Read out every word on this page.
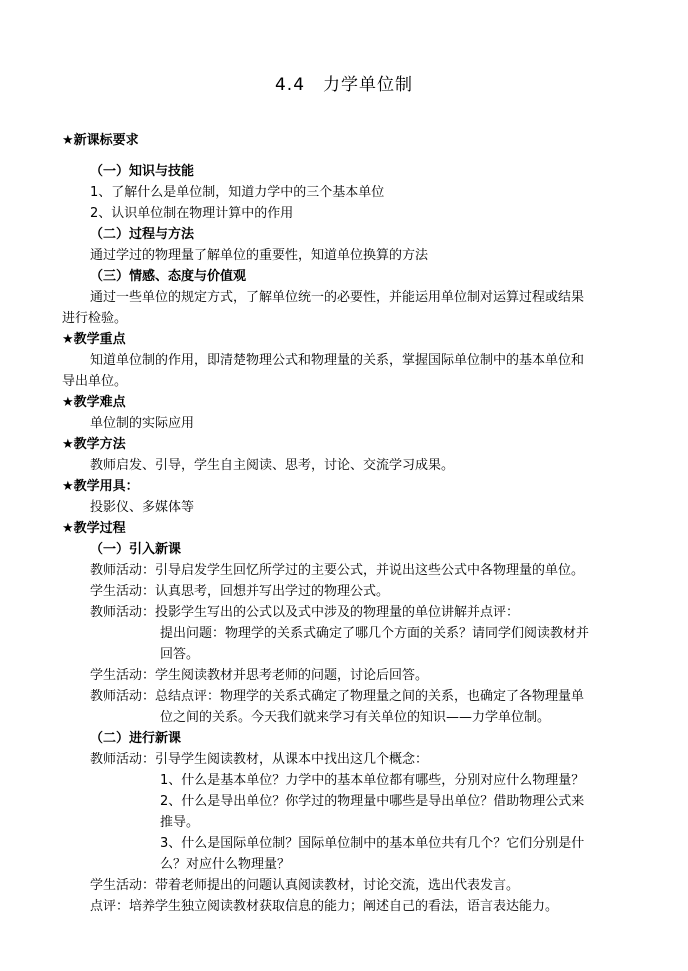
4.4　力学单位制
★新课标要求
（一）知识与技能
1、了解什么是单位制，知道力学中的三个基本单位
2、认识单位制在物理计算中的作用
（二）过程与方法
通过学过的物理量了解单位的重要性，知道单位换算的方法
（三）情感、态度与价值观
通过一些单位的规定方式，了解单位统一的必要性，并能运用单位制对运算过程或结果
进行检验。
★教学重点
知道单位制的作用，即清楚物理公式和物理量的关系，掌握国际单位制中的基本单位和
导出单位。
★教学难点
单位制的实际应用
★教学方法
教师启发、引导，学生自主阅读、思考，讨论、交流学习成果。
★教学用具：
投影仪、多媒体等
★教学过程
（一）引入新课
教师活动：引导启发学生回忆所学过的主要公式，并说出这些公式中各物理量的单位。
学生活动：认真思考，回想并写出学过的物理公式。
教师活动：投影学生写出的公式以及式中涉及的物理量的单位讲解并点评：
提出问题：物理学的关系式确定了哪几个方面的关系？请同学们阅读教材并
回答。
学生活动：学生阅读教材并思考老师的问题，讨论后回答。
教师活动：总结点评：物理学的关系式确定了物理量之间的关系，也确定了各物理量单
位之间的关系。今天我们就来学习有关单位的知识——力学单位制。
（二）进行新课
教师活动：引导学生阅读教材，从课本中找出这几个概念：
1、什么是基本单位？力学中的基本单位都有哪些，分别对应什么物理量？
2、什么是导出单位？你学过的物理量中哪些是导出单位？借助物理公式来
推导。
3、什么是国际单位制？国际单位制中的基本单位共有几个？它们分别是什
么？对应什么物理量？
学生活动：带着老师提出的问题认真阅读教材，讨论交流，选出代表发言。
点评：培养学生独立阅读教材获取信息的能力；阐述自己的看法，语言表达能力。
